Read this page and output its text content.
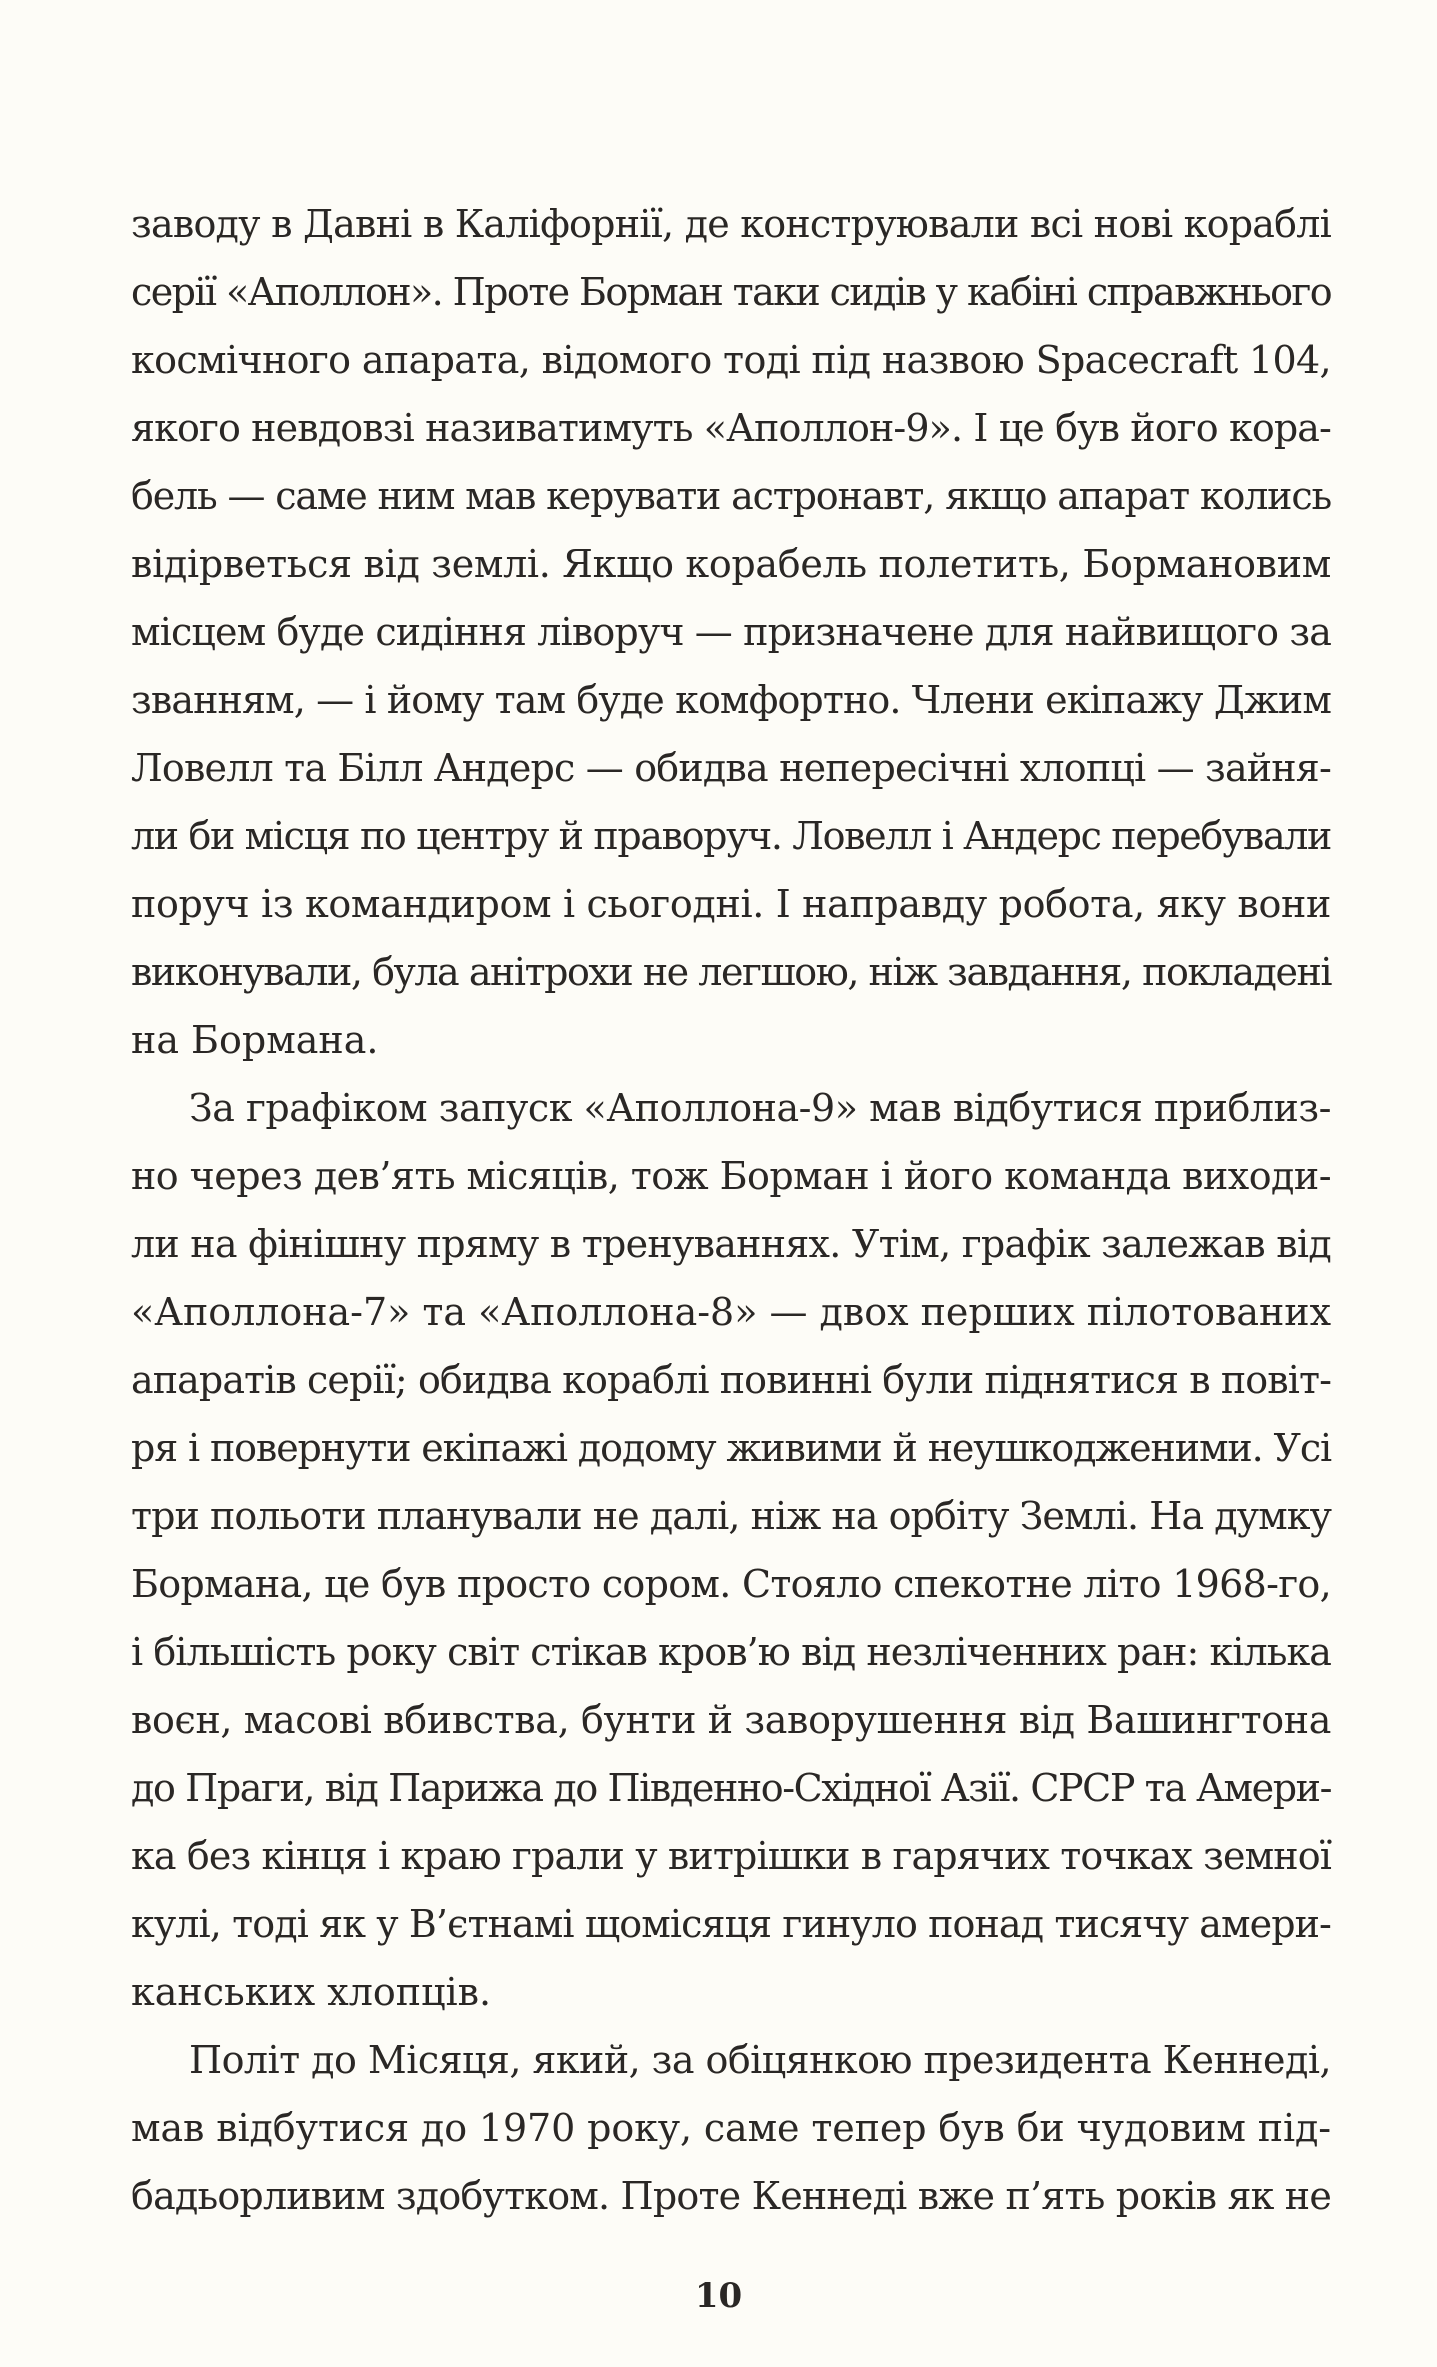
заводу в Давні в Каліфорнії, де конструювали всі нові кораблі
серії «Аполлон». Проте Борман таки сидів у кабіні справжнього
космічного апарата, відомого тоді під назвою Spacecraft 104,
якого невдовзі називатимуть «Аполлон-9». І це був його кора-
бель — саме ним мав керувати астронавт, якщо апарат колись
відірветься від землі. Якщо корабель полетить, Бормановим
місцем буде сидіння ліворуч — призначене для найвищого за
званням, — і йому там буде комфортно. Члени екіпажу Джим
Ловелл та Білл Андерс — обидва непересічні хлопці — зайня-
ли би місця по центру й праворуч. Ловелл і Андерс перебували
поруч із командиром і сьогодні. І направду робота, яку вони
виконували, була анітрохи не легшою, ніж завдання, покладені
на Бормана.
За графіком запуск «Аполлона-9» мав відбутися приблиз-
но через дев’ять місяців, тож Борман і його команда виходи-
ли на фінішну пряму в тренуваннях. Утім, графік залежав від
«Аполлона-7» та «Аполлона-8» — двох перших пілотованих
апаратів серії; обидва кораблі повинні були піднятися в повіт-
ря і повернути екіпажі додому живими й неушкодженими. Усі
три польоти планували не далі, ніж на орбіту Землі. На думку
Бормана, це був просто сором. Стояло спекотне літо 1968-го,
і більшість року світ стікав кров’ю від незліченних ран: кілька
воєн, масові вбивства, бунти й заворушення від Вашингтона
до Праги, від Парижа до Південно-Східної Азії. СРСР та Амери-
ка без кінця і краю грали у витрішки в гарячих точках земної
кулі, тоді як у В’єтнамі щомісяця гинуло понад тисячу амери-
канських хлопців.
Політ до Місяця, який, за обіцянкою президента Кеннеді,
мав відбутися до 1970 року, саме тепер був би чудовим під-
бадьорливим здобутком. Проте Кеннеді вже п’ять років як не
10
